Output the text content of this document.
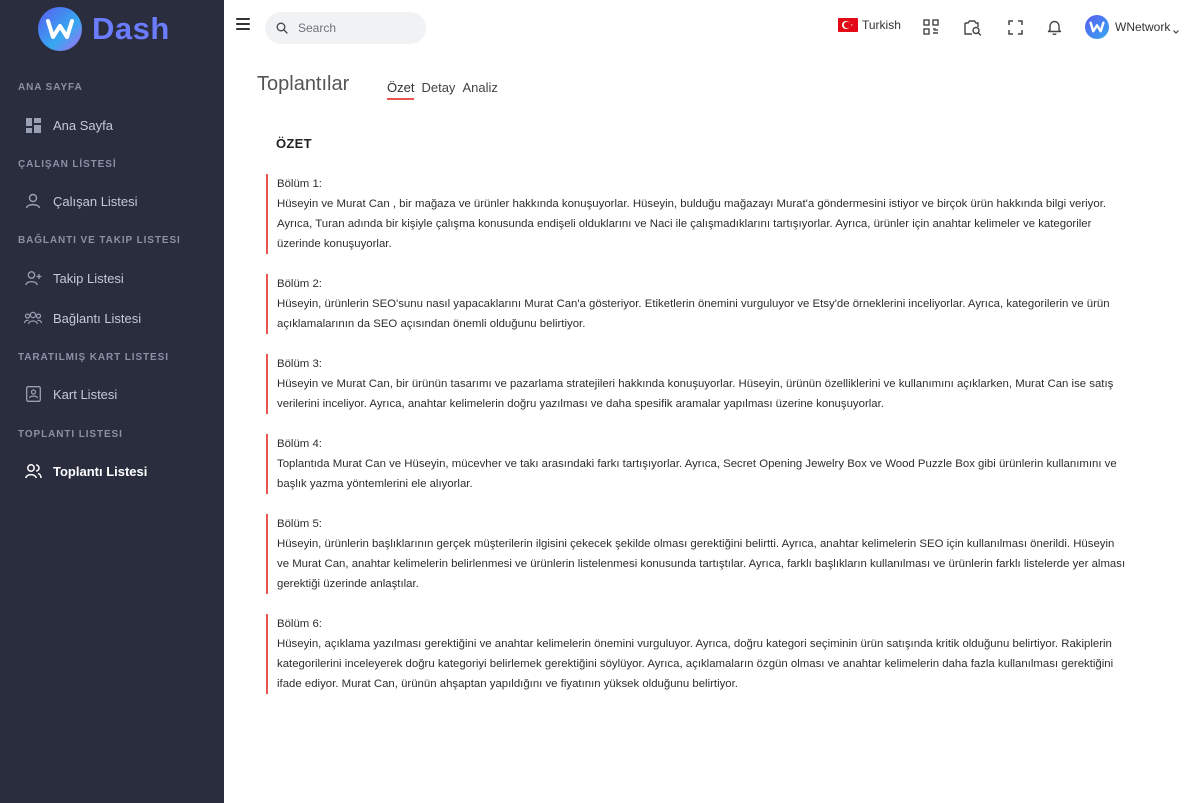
Dash
ANA SAYFA
Ana Sayfa
ÇALIŞAN LİSTESİ
Çalışan Listesi
BAĞLANTI VE TAKIP LISTESI
Takip Listesi
Bağlantı Listesi
TARATILMIŞ KART LISTESI
Kart Listesi
TOPLANTI LISTESI
Toplantı Listesi
Search
Turkish	WNetwork
Toplantılar	Özet Detay Analiz
ÖZET
Bölüm 1:
Hüseyin ve Murat Can , bir mağaza ve ürünler hakkında konuşuyorlar. Hüseyin, bulduğu mağazayı Murat'a göndermesini istiyor ve birçok ürün hakkında bilgi veriyor. Ayrıca, Turan adında bir kişiyle çalışma konusunda endişeli olduklarını ve Naci ile çalışmadıklarını tartışıyorlar. Ayrıca, ürünler için anahtar kelimeler ve kategoriler üzerinde konuşuyorlar.
Bölüm 2:
Hüseyin, ürünlerin SEO'sunu nasıl yapacaklarını Murat Can'a gösteriyor. Etiketlerin önemini vurguluyor ve Etsy'de örneklerini inceliyorlar. Ayrıca, kategorilerin ve ürün açıklamalarının da SEO açısından önemli olduğunu belirtiyor.
Bölüm 3:
Hüseyin ve Murat Can, bir ürünün tasarımı ve pazarlama stratejileri hakkında konuşuyorlar. Hüseyin, ürünün özelliklerini ve kullanımını açıklarken, Murat Can ise satış verilerini inceliyor. Ayrıca, anahtar kelimelerin doğru yazılması ve daha spesifik aramalar yapılması üzerine konuşuyorlar.
Bölüm 4:
Toplantıda Murat Can ve Hüseyin, mücevher ve takı arasındaki farkı tartışıyorlar. Ayrıca, Secret Opening Jewelry Box ve Wood Puzzle Box gibi ürünlerin kullanımını ve başlık yazma yöntemlerini ele alıyorlar.
Bölüm 5:
Hüseyin, ürünlerin başlıklarının gerçek müşterilerin ilgisini çekecek şekilde olması gerektiğini belirtti. Ayrıca, anahtar kelimelerin SEO için kullanılması önerildi. Hüseyin ve Murat Can, anahtar kelimelerin belirlenmesi ve ürünlerin listelenmesi konusunda tartıştılar. Ayrıca, farklı başlıkların kullanılması ve ürünlerin farklı listelerde yer alması gerektiği üzerinde anlaştılar.
Bölüm 6:
Hüseyin, açıklama yazılması gerektiğini ve anahtar kelimelerin önemini vurguluyor. Ayrıca, doğru kategori seçiminin ürün satışında kritik olduğunu belirtiyor. Rakiplerin kategorilerini inceleyerek doğru kategoriyi belirlemek gerektiğini söylüyor. Ayrıca, açıklamaların özgün olması ve anahtar kelimelerin daha fazla kullanılması gerektiğini ifade ediyor. Murat Can, ürünün ahşaptan yapıldığını ve fiyatının yüksek olduğunu belirtiyor.
